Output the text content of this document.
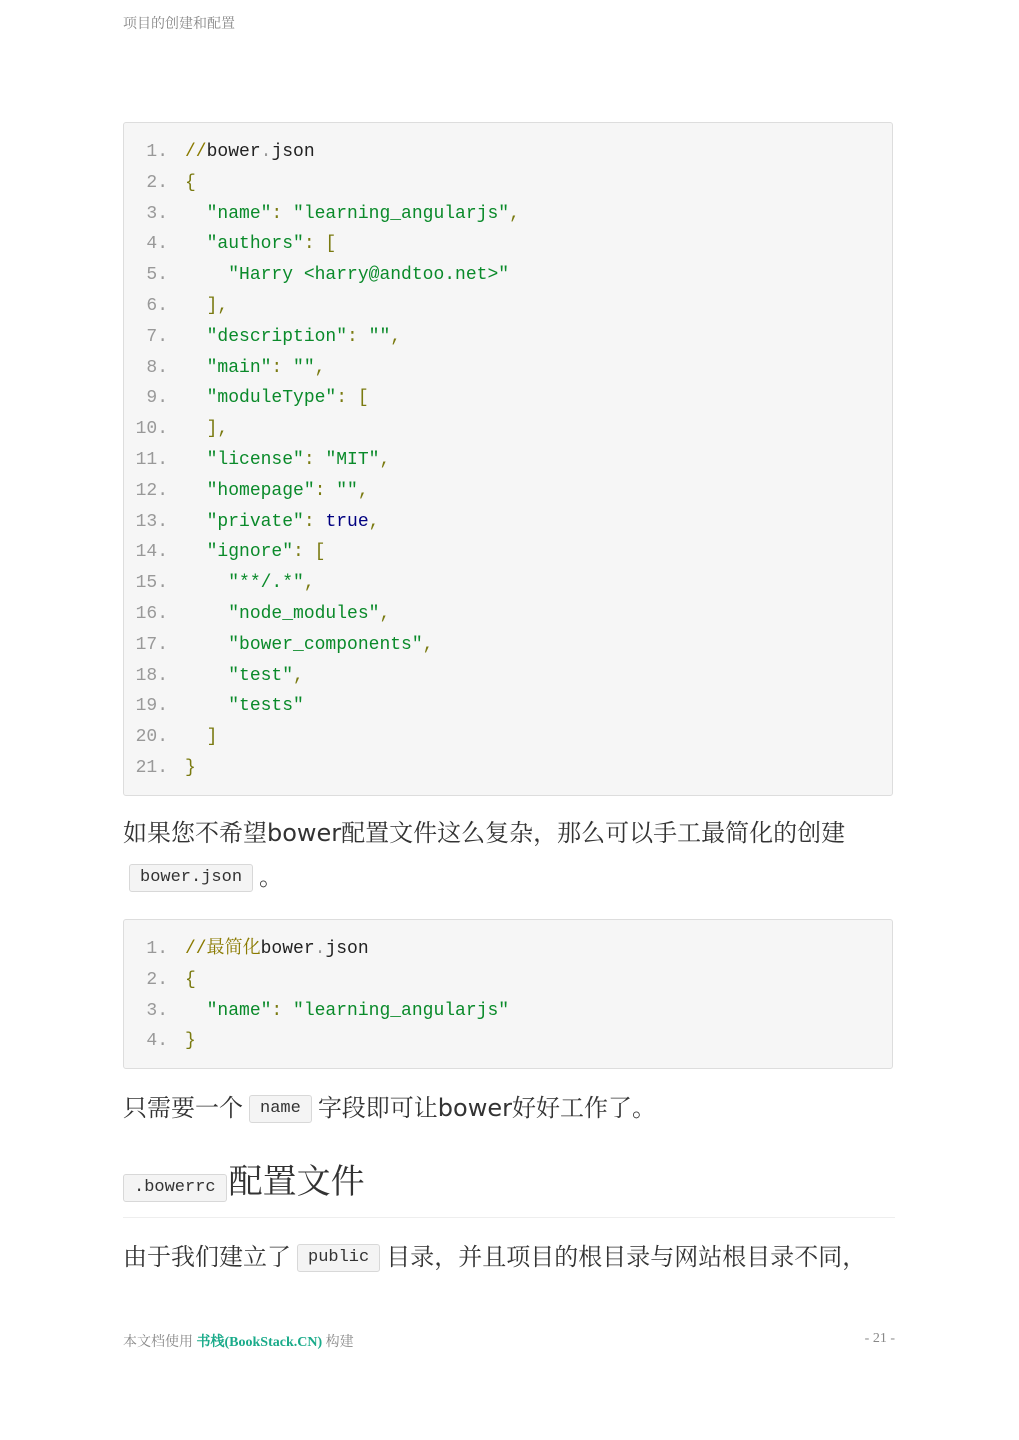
项目的创建和配置
1. //bower.json
2. {
3. "name": "learning_angularjs",
4. "authors": [
5.	"Harry <harry@andtoo.net>"
6. ],
7. "description": "",
8. "main": "",
9. "moduleType": [
10. ],
11. "license": "MIT",
12. "homepage": "",
13. "private": true,
14. "ignore": [
15.	"**/.*",
16.	"node_modules",
17.	"bower_components",
18.	"test",
19.	"tests"
20. ]
21. }
如果您不希望bower配置文件这么复杂，那么可以手工最简化的创建bower.json 。
1. //最简化bower.json
2. {
3. "name": "learning_angularjs"
4. }
只需要一个 name 字段即可让bower好好工作了。
.bowerrc 配置文件
由于我们建立了 public 目录，并且项目的根目录与网站根目录不同，
本文档使用 书栈(BookStack.CN) 构建	- 21 -
